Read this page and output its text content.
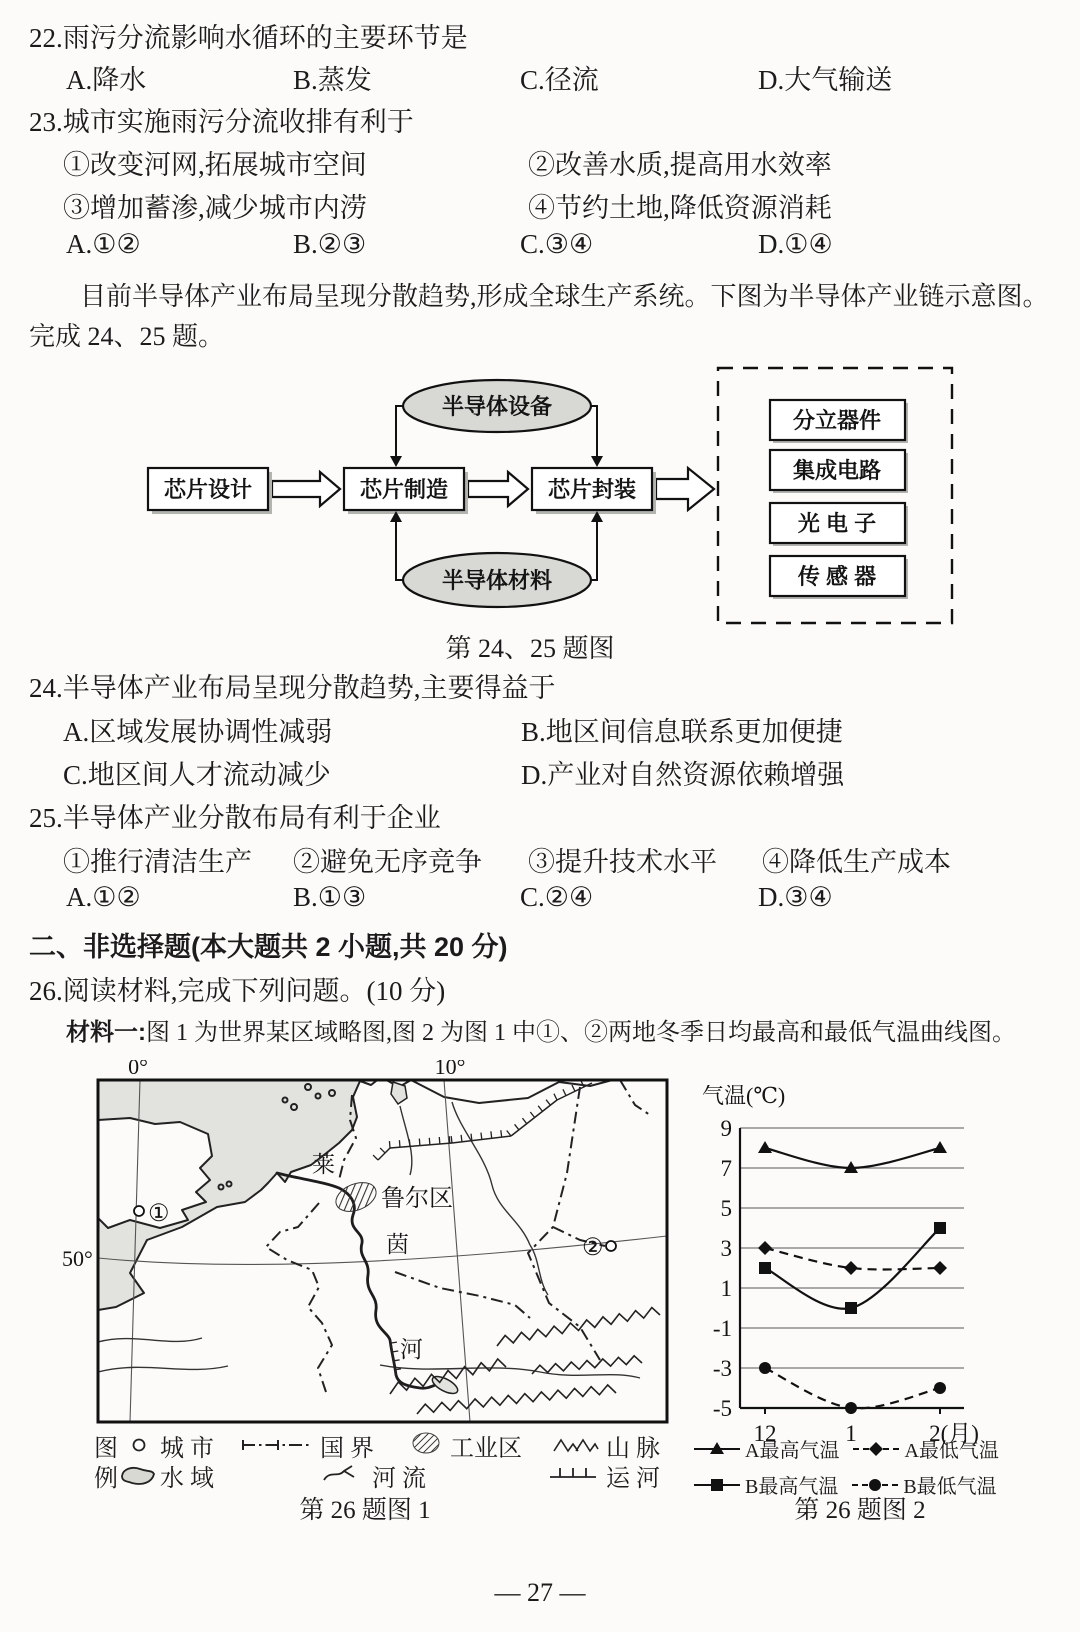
22.雨污分流影响水循环的主要环节是
A.降水	B.蒸发	C.径流	D.大气输送
23.城市实施雨污分流收排有利于
①改变河网,拓展城市空间	②改善水质,提高用水效率
③增加蓄渗,减少城市内涝	④节约土地,降低资源消耗
A.①②	B.②③	C.③④	D.①④
目前半导体产业布局呈现分散趋势,形成全球生产系统。下图为半导体产业链示意图。
完成 24、25 题。
芯片设计	芯片制造	芯片封装
半导体设备
半导体材料
分立器件
集成电路
光 电 子
传 感 器
第 24、25 题图
24.半导体产业布局呈现分散趋势,主要得益于
A.区域发展协调性减弱	B.地区间信息联系更加便捷
C.地区间人才流动减少	D.产业对自然资源依赖增强
25.半导体产业分散布局有利于企业
①推行清洁生产 ②避免无序竞争 ③提升技术水平 ④降低生产成本
A.①②	B.①③	C.②④	D.③④
二、非选择题(本大题共 2 小题,共 20 分)
26.阅读材料,完成下列问题。(10 分)
材料一:图 1 为世界某区域略图,图 2 为图 1 中①、②两地冬季日均最高和最低气温曲线图。
0°	10°
50°
莱
茵
河
鲁尔区
①
②
气温(℃)
9
7
5
3
1
-1
-3
-5
12	1	2(月)
图
例
城 市	国 界	工业区	山 脉
水 域	河 流	运 河
A最高气温	A最低气温
B最高气温	B最低气温
第 26 题图 1	第 26 题图 2
— 27 —
